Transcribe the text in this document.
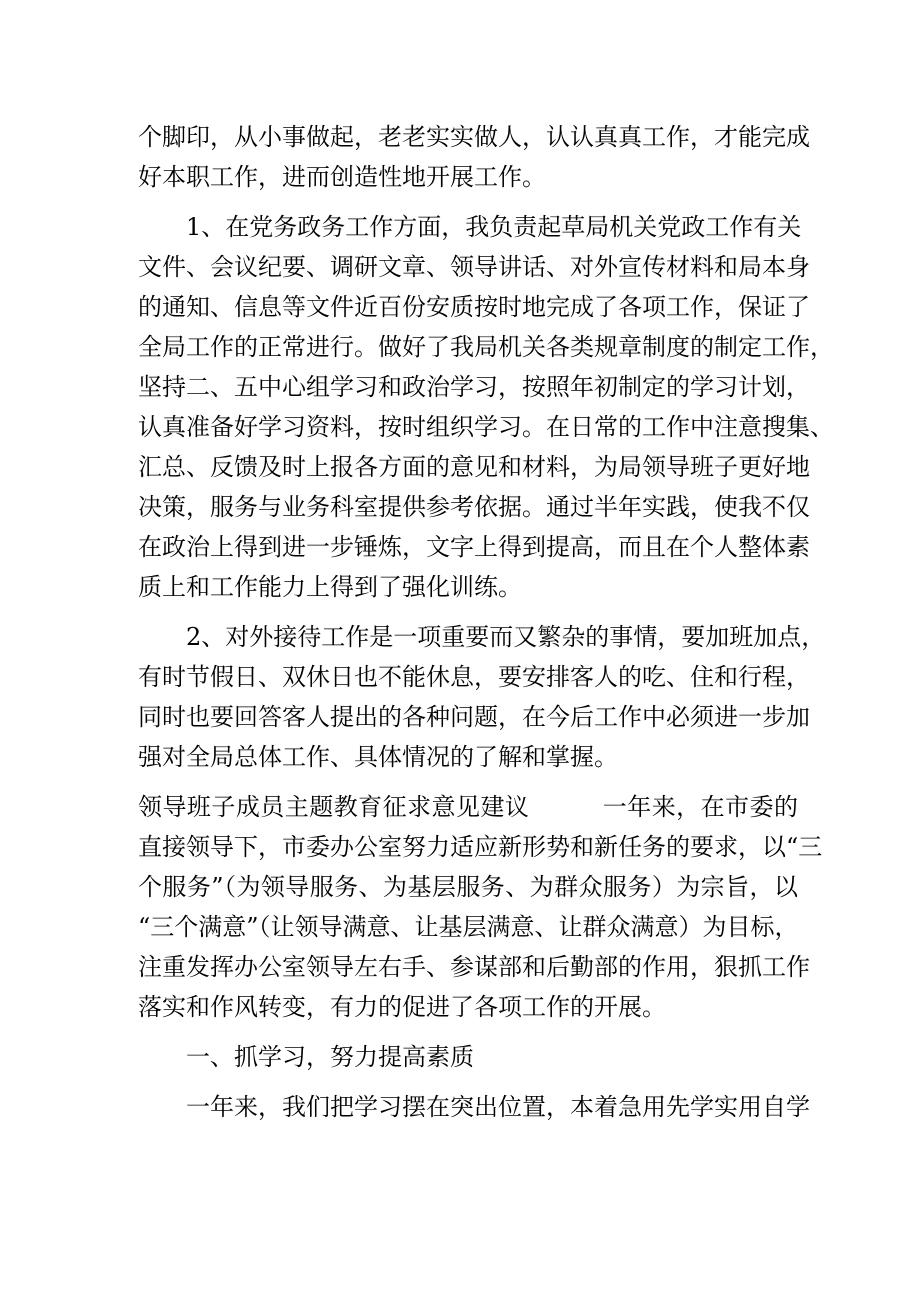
个脚印，从小事做起，老老实实做人，认认真真工作，才能完成
好本职工作，进而创造性地开展工作。
1、在党务政务工作方面，我负责起草局机关党政工作有关
文件、会议纪要、调研文章、领导讲话、对外宣传材料和局本身
的通知、信息等文件近百份安质按时地完成了各项工作，保证了
全局工作的正常进行。做好了我局机关各类规章制度的制定工作，
坚持二、五中心组学习和政治学习，按照年初制定的学习计划，
认真准备好学习资料，按时组织学习。在日常的工作中注意搜集、
汇总、反馈及时上报各方面的意见和材料，为局领导班子更好地
决策，服务与业务科室提供参考依据。通过半年实践，使我不仅
在政治上得到进一步锤炼，文字上得到提高，而且在个人整体素
质上和工作能力上得到了强化训练。
2、对外接待工作是一项重要而又繁杂的事情，要加班加点，
有时节假日、双休日也不能休息，要安排客人的吃、住和行程，
同时也要回答客人提出的各种问题，在今后工作中必须进一步加
强对全局总体工作、具体情况的了解和掌握。
领导班子成员主题教育征求意见建议　　　一年来，在市委的
直接领导下，市委办公室努力适应新形势和新任务的要求，以“三
个服务”（为领导服务、为基层服务、为群众服务）为宗旨，以
“三个满意”（让领导满意、让基层满意、让群众满意）为目标，
注重发挥办公室领导左右手、参谋部和后勤部的作用，狠抓工作
落实和作风转变，有力的促进了各项工作的开展。
一、抓学习，努力提高素质
一年来，我们把学习摆在突出位置，本着急用先学实用自学
